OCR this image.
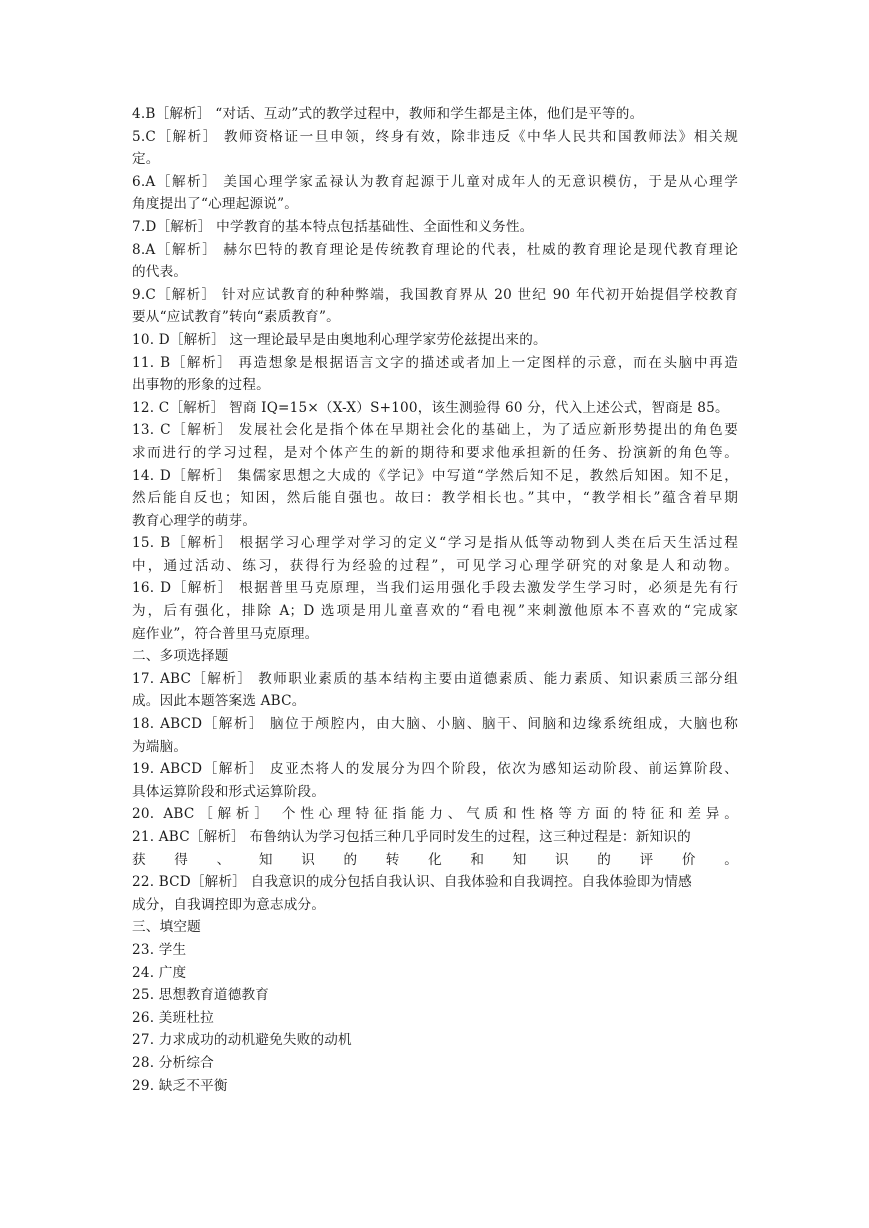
4.B［解析］ “对话、互动”式的教学过程中，教师和学生都是主体，他们是平等的。
5.C［解析］ 教师资格证一旦申领，终身有效，除非违反《中华人民共和国教师法》相关规
定。
6.A［解析］ 美国心理学家孟禄认为教育起源于儿童对成年人的无意识模仿，于是从心理学
角度提出了“心理起源说”。
7.D［解析］ 中学教育的基本特点包括基础性、全面性和义务性。
8.A［解析］ 赫尔巴特的教育理论是传统教育理论的代表，杜威的教育理论是现代教育理论
的代表。
9.C［解析］ 针对应试教育的种种弊端，我国教育界从 20 世纪 90 年代初开始提倡学校教育
要从“应试教育”转向“素质教育”。
10. D［解析］ 这一理论最早是由奥地利心理学家劳伦兹提出来的。
11. B［解析］ 再造想象是根据语言文字的描述或者加上一定图样的示意，而在头脑中再造
出事物的形象的过程。
12. C［解析］ 智商 IQ=15×（X-X）S+100，该生测验得 60 分，代入上述公式，智商是 85。
13. C［解析］ 发展社会化是指个体在早期社会化的基础上，为了适应新形势提出的角色要
求而进行的学习过程，是对个体产生的新的期待和要求他承担新的任务、扮演新的角色等。
14. D［解析］ 集儒家思想之大成的《学记》中写道“学然后知不足，教然后知困。知不足，
然后能自反也；知困，然后能自强也。故曰：教学相长也。”其中，“教学相长”蕴含着早期
教育心理学的萌芽。
15. B［解析］ 根据学习心理学对学习的定义“学习是指从低等动物到人类在后天生活过程
中，通过活动、练习，获得行为经验的过程”，可见学习心理学研究的对象是人和动物。
16. D［解析］ 根据普里马克原理，当我们运用强化手段去激发学生学习时，必须是先有行
为，后有强化，排除 A；D 选项是用儿童喜欢的“看电视”来刺激他原本不喜欢的“完成家
庭作业”，符合普里马克原理。
二、多项选择题
17. ABC［解析］ 教师职业素质的基本结构主要由道德素质、能力素质、知识素质三部分组
成。因此本题答案选 ABC。
18. ABCD［解析］ 脑位于颅腔内，由大脑、小脑、脑干、间脑和边缘系统组成，大脑也称
为端脑。
19. ABCD［解析］ 皮亚杰将人的发展分为四个阶段，依次为感知运动阶段、前运算阶段、
具体运算阶段和形式运算阶段。
20. ABC［解析］ 个性心理特征指能力、气质和性格等方面的特征和差异。
21. ABC［解析］ 布鲁纳认为学习包括三种几乎同时发生的过程，这三种过程是：新知识的
获得、知识的转化和知识的评价。
22. BCD［解析］ 自我意识的成分包括自我认识、自我体验和自我调控。自我体验即为情感
成分，自我调控即为意志成分。
三、填空题
23. 学生
24. 广度
25. 思想教育道德教育
26. 美班杜拉
27. 力求成功的动机避免失败的动机
28. 分析综合
29. 缺乏不平衡
